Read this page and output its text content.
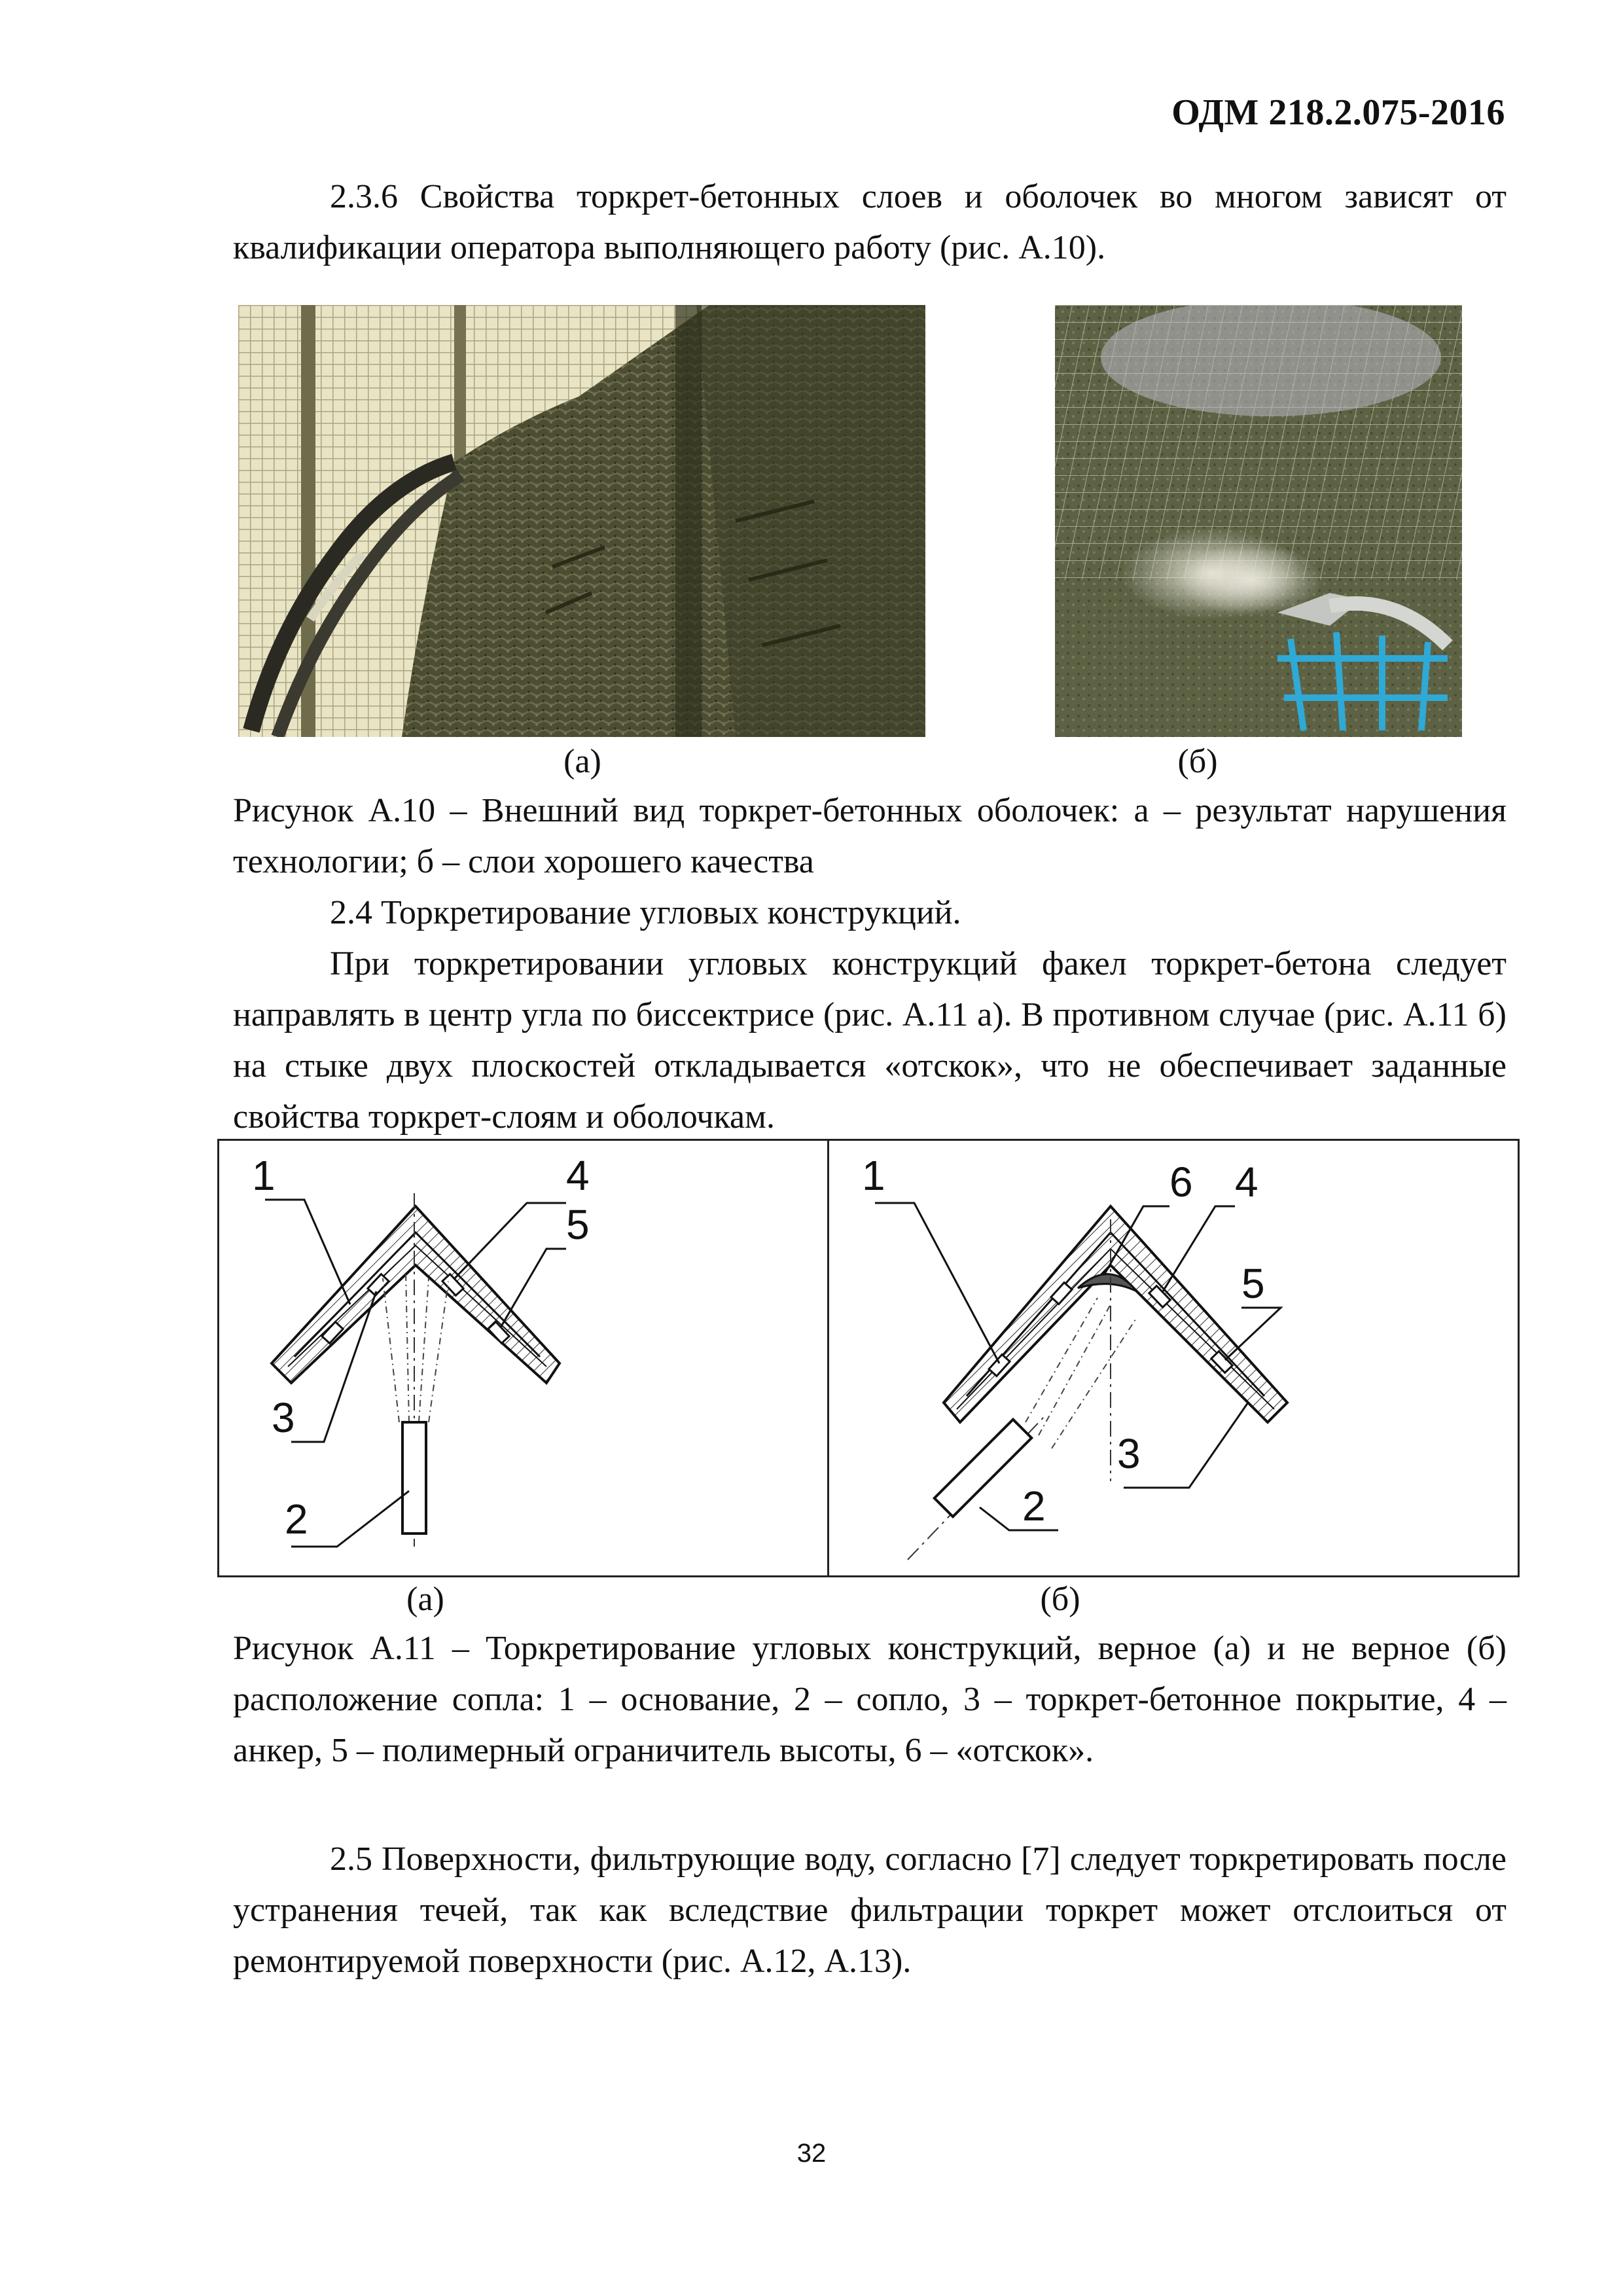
ОДМ 218.2.075-2016

2.3.6 Свойства торкрет-бетонных слоев и оболочек во многом зависят от квалификации оператора выполняющего работу (рис. А.10).

(а)	(б)

Рисунок А.10 – Внешний вид торкрет-бетонных оболочек: а – результат нарушения технологии; б – слои хорошего качества

2.4 Торкретирование угловых конструкций.

При торкретировании угловых конструкций факел торкрет-бетона следует направлять в центр угла по биссектрисе (рис. А.11 а). В противном случае (рис. А.11 б) на стыке двух плоскостей откладывается «отскок», что не обеспечивает заданные свойства торкрет-слоям и оболочкам.

1	4
5
3
2
1	6 4
5
3
2
(а)	(б)

Рисунок А.11 – Торкретирование угловых конструкций, верное (а) и не верное (б) расположение сопла: 1 – основание, 2 – сопло, 3 – торкрет-бетонное покрытие, 4 – анкер, 5 – полимерный ограничитель высоты, 6 – «отскок».

2.5 Поверхности, фильтрующие воду, согласно [7] следует торкретировать после устранения течей, так как вследствие фильтрации торкрет может отслоиться от ремонтируемой поверхности (рис. А.12, А.13).

32
